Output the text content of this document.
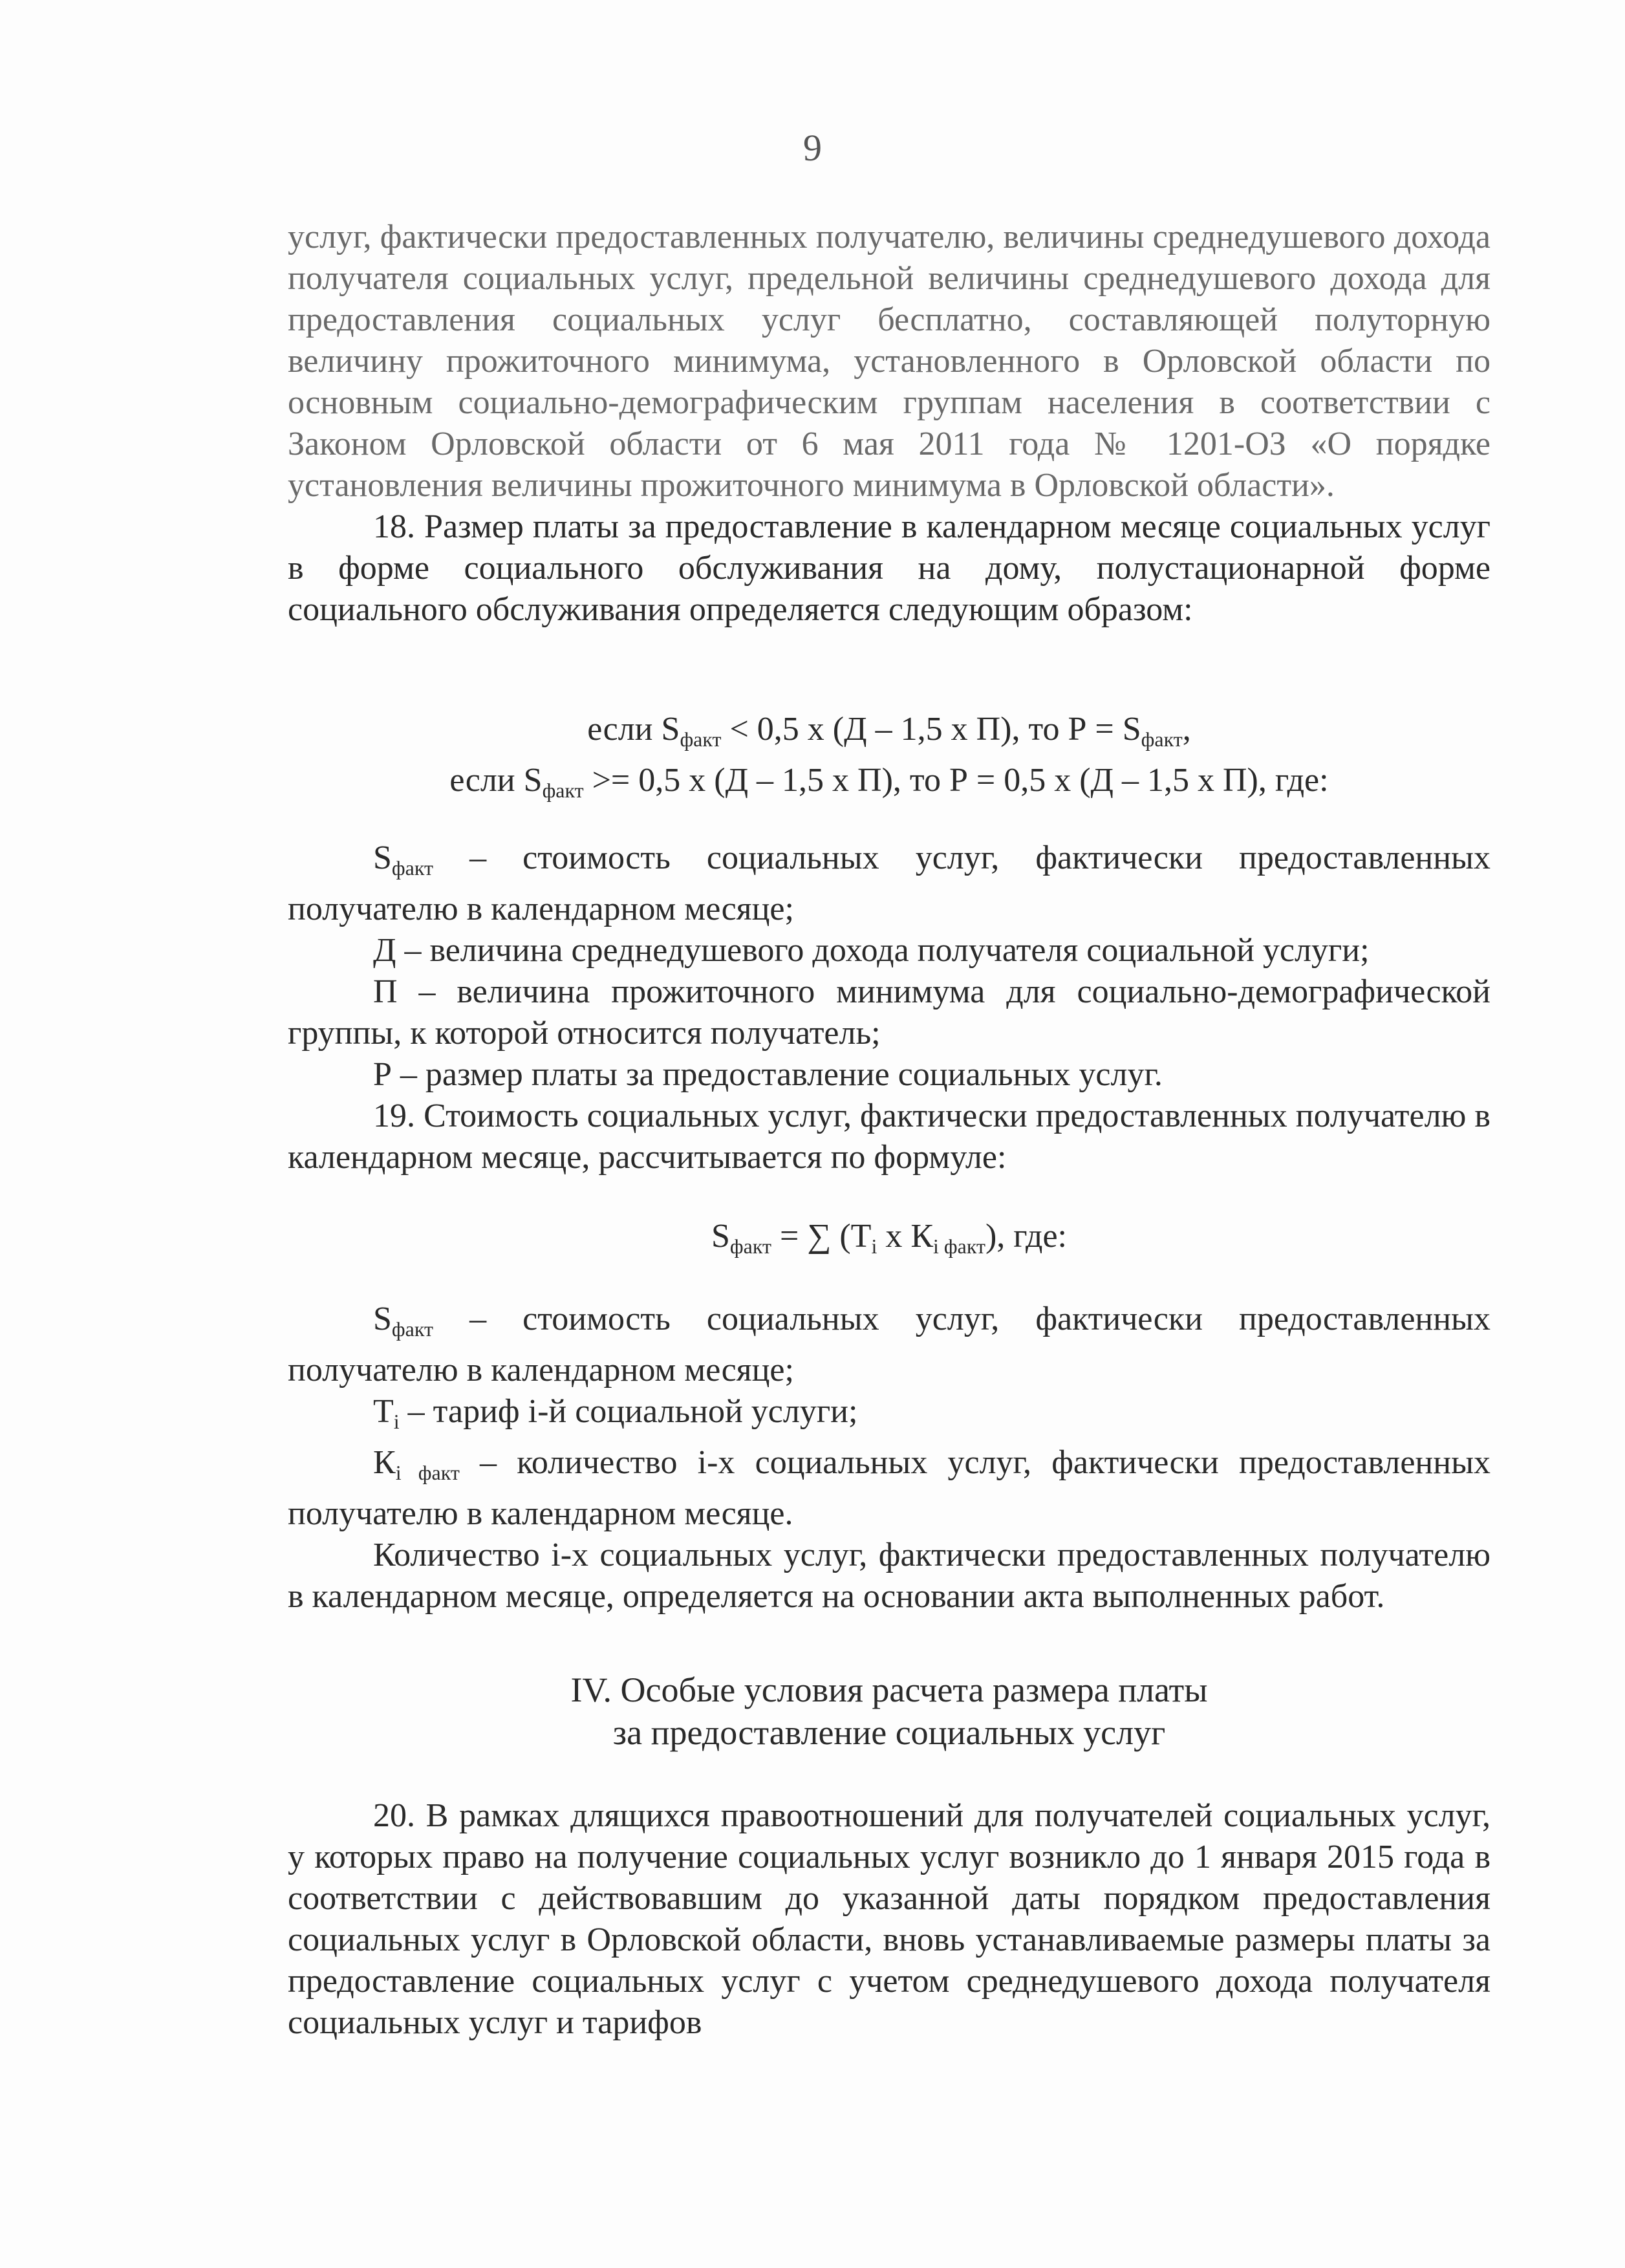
9

услуг, фактически предоставленных получателю, величины среднедушевого дохода получателя социальных услуг, предельной величины среднедушевого дохода для предоставления социальных услуг бесплатно, составляющей полуторную величину прожиточного минимума, установленного в Орловской области по основным социально-демографическим группам населения в соответствии с Законом Орловской области от 6 мая 2011 года № 1201-ОЗ «О порядке установления величины прожиточного минимума в Орловской области».

18. Размер платы за предоставление в календарном месяце социальных услуг в форме социального обслуживания на дому, полустационарной форме социального обслуживания определяется следующим образом:

если $S_{факт} < 0,5$ х (Д – 1,5 х П), то $Р = S_{факт}$,
если $S_{факт} >= 0,5$ х (Д – 1,5 х П), то Р = 0,5 х (Д – 1,5 х П), где:

$S_{факт}$ – стоимость социальных услуг, фактически предоставленных получателю в календарном месяце;

Д – величина среднедушевого дохода получателя социальной услуги;

П – величина прожиточного минимума для социально-демографической группы, к которой относится получатель;

Р – размер платы за предоставление социальных услуг.

19. Стоимость социальных услуг, фактически предоставленных получателю в календарном месяце, рассчитывается по формуле:

$S_{факт}$ = ∑ ($Т_i$ х $К_{i факт}$), где:

$S_{факт}$ – стоимость социальных услуг, фактически предоставленных получателю в календарном месяце;

$Т_i$ – тариф i-й социальной услуги;

$К_{i факт}$ – количество i-х социальных услуг, фактически предоставленных получателю в календарном месяце.

Количество i-х социальных услуг, фактически предоставленных получателю в календарном месяце, определяется на основании акта выполненных работ.

IV. Особые условия расчета размера платы
за предоставление социальных услуг

20. В рамках длящихся правоотношений для получателей социальных услуг, у которых право на получение социальных услуг возникло до 1 января 2015 года в соответствии с действовавшим до указанной даты порядком предоставления социальных услуг в Орловской области, вновь устанавливаемые размеры платы за предоставление социальных услуг с учетом среднедушевого дохода получателя социальных услуг и тарифов
